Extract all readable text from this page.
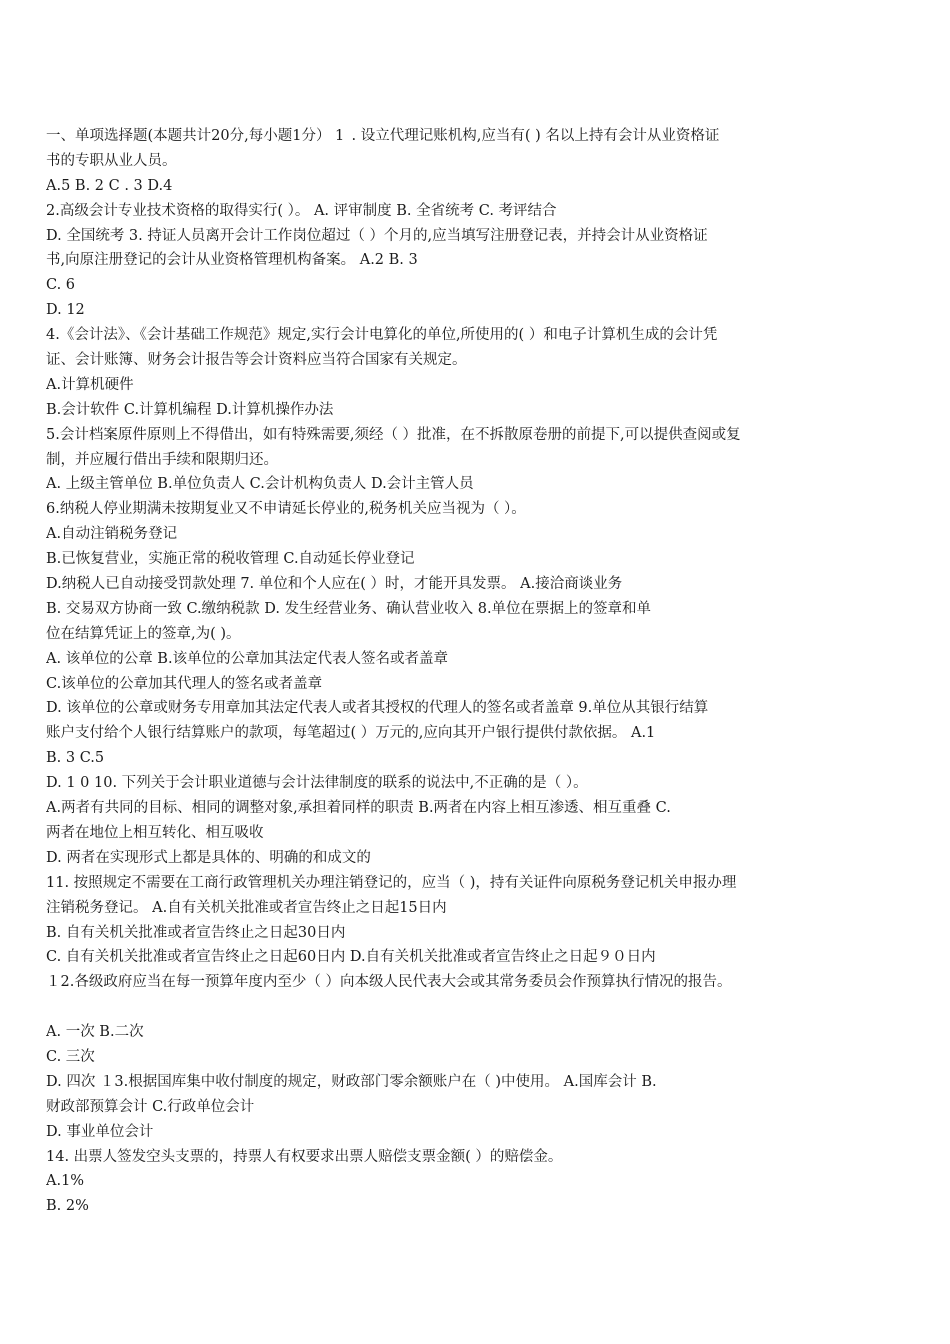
一、单项选择题(本题共计20分,每小题1分） 1 . 设立代理记账机构,应当有( ) 名以上持有会计从业资格证
书的专职从业人员。
A.5 B. 2 C . 3 D.4
2.高级会计专业技术资格的取得实行( ）。 A. 评审制度 B. 全省统考 C. 考评结合
D. 全国统考 3. 持证人员离开会计工作岗位超过（ ）个月的,应当填写注册登记表，并持会计从业资格证
书,向原注册登记的会计从业资格管理机构备案。 A.2 B. 3
C. 6
D. 12
4.《会计法》、《会计基础工作规范》规定,实行会计电算化的单位,所使用的( ）和电子计算机生成的会计凭
证、会计账簿、财务会计报告等会计资料应当符合国家有关规定。
A.计算机硬件
B.会计软件 C.计算机编程 D.计算机操作办法
5.会计档案原件原则上不得借出，如有特殊需要,须经（ ）批准，在不拆散原卷册的前提下,可以提供查阅或复
制，并应履行借出手续和限期归还。
A. 上级主管单位 B.单位负责人 C.会计机构负责人 D.会计主管人员
6.纳税人停业期满未按期复业又不申请延长停业的,税务机关应当视为（ ）。
A.自动注销税务登记
B.已恢复营业，实施正常的税收管理 C.自动延长停业登记
D.纳税人已自动接受罚款处理 7. 单位和个人应在( ）时，才能开具发票。 A.接洽商谈业务
B. 交易双方协商一致 C.缴纳税款 D. 发生经营业务、确认营业收入 8.单位在票据上的签章和单
位在结算凭证上的签章,为( )。
A. 该单位的公章 B.该单位的公章加其法定代表人签名或者盖章
C.该单位的公章加其代理人的签名或者盖章
D. 该单位的公章或财务专用章加其法定代表人或者其授权的代理人的签名或者盖章 9.单位从其银行结算
账户支付给个人银行结算账户的款项，每笔超过( ）万元的,应向其开户银行提供付款依据。 A.1
B. 3 C.5
D. 1 0 10. 下列关于会计职业道德与会计法律制度的联系的说法中,不正确的是（ ）。
A.两者有共同的目标、相同的调整对象,承担着同样的职责 B.两者在内容上相互渗透、相互重叠 C.
两者在地位上相互转化、相互吸收
D. 两者在实现形式上都是具体的、明确的和成文的
11. 按照规定不需要在工商行政管理机关办理注销登记的，应当（ )，持有关证件向原税务登记机关申报办理
注销税务登记。 A.自有关机关批准或者宣告终止之日起15日内
B. 自有关机关批准或者宣告终止之日起30日内
C. 自有关机关批准或者宣告终止之日起60日内 D.自有关机关批准或者宣告终止之日起９０日内
１2.各级政府应当在每一预算年度内至少（ ）向本级人民代表大会或其常务委员会作预算执行情况的报告。
A. 一次 B.二次
C. 三次
D. 四次 １3.根据国库集中收付制度的规定，财政部门零余额账户在（ )中使用。 A.国库会计 B.
财政部预算会计 C.行政单位会计
D. 事业单位会计
14. 出票人签发空头支票的，持票人有权要求出票人赔偿支票金额( ）的赔偿金。
A.1%
B. 2%
